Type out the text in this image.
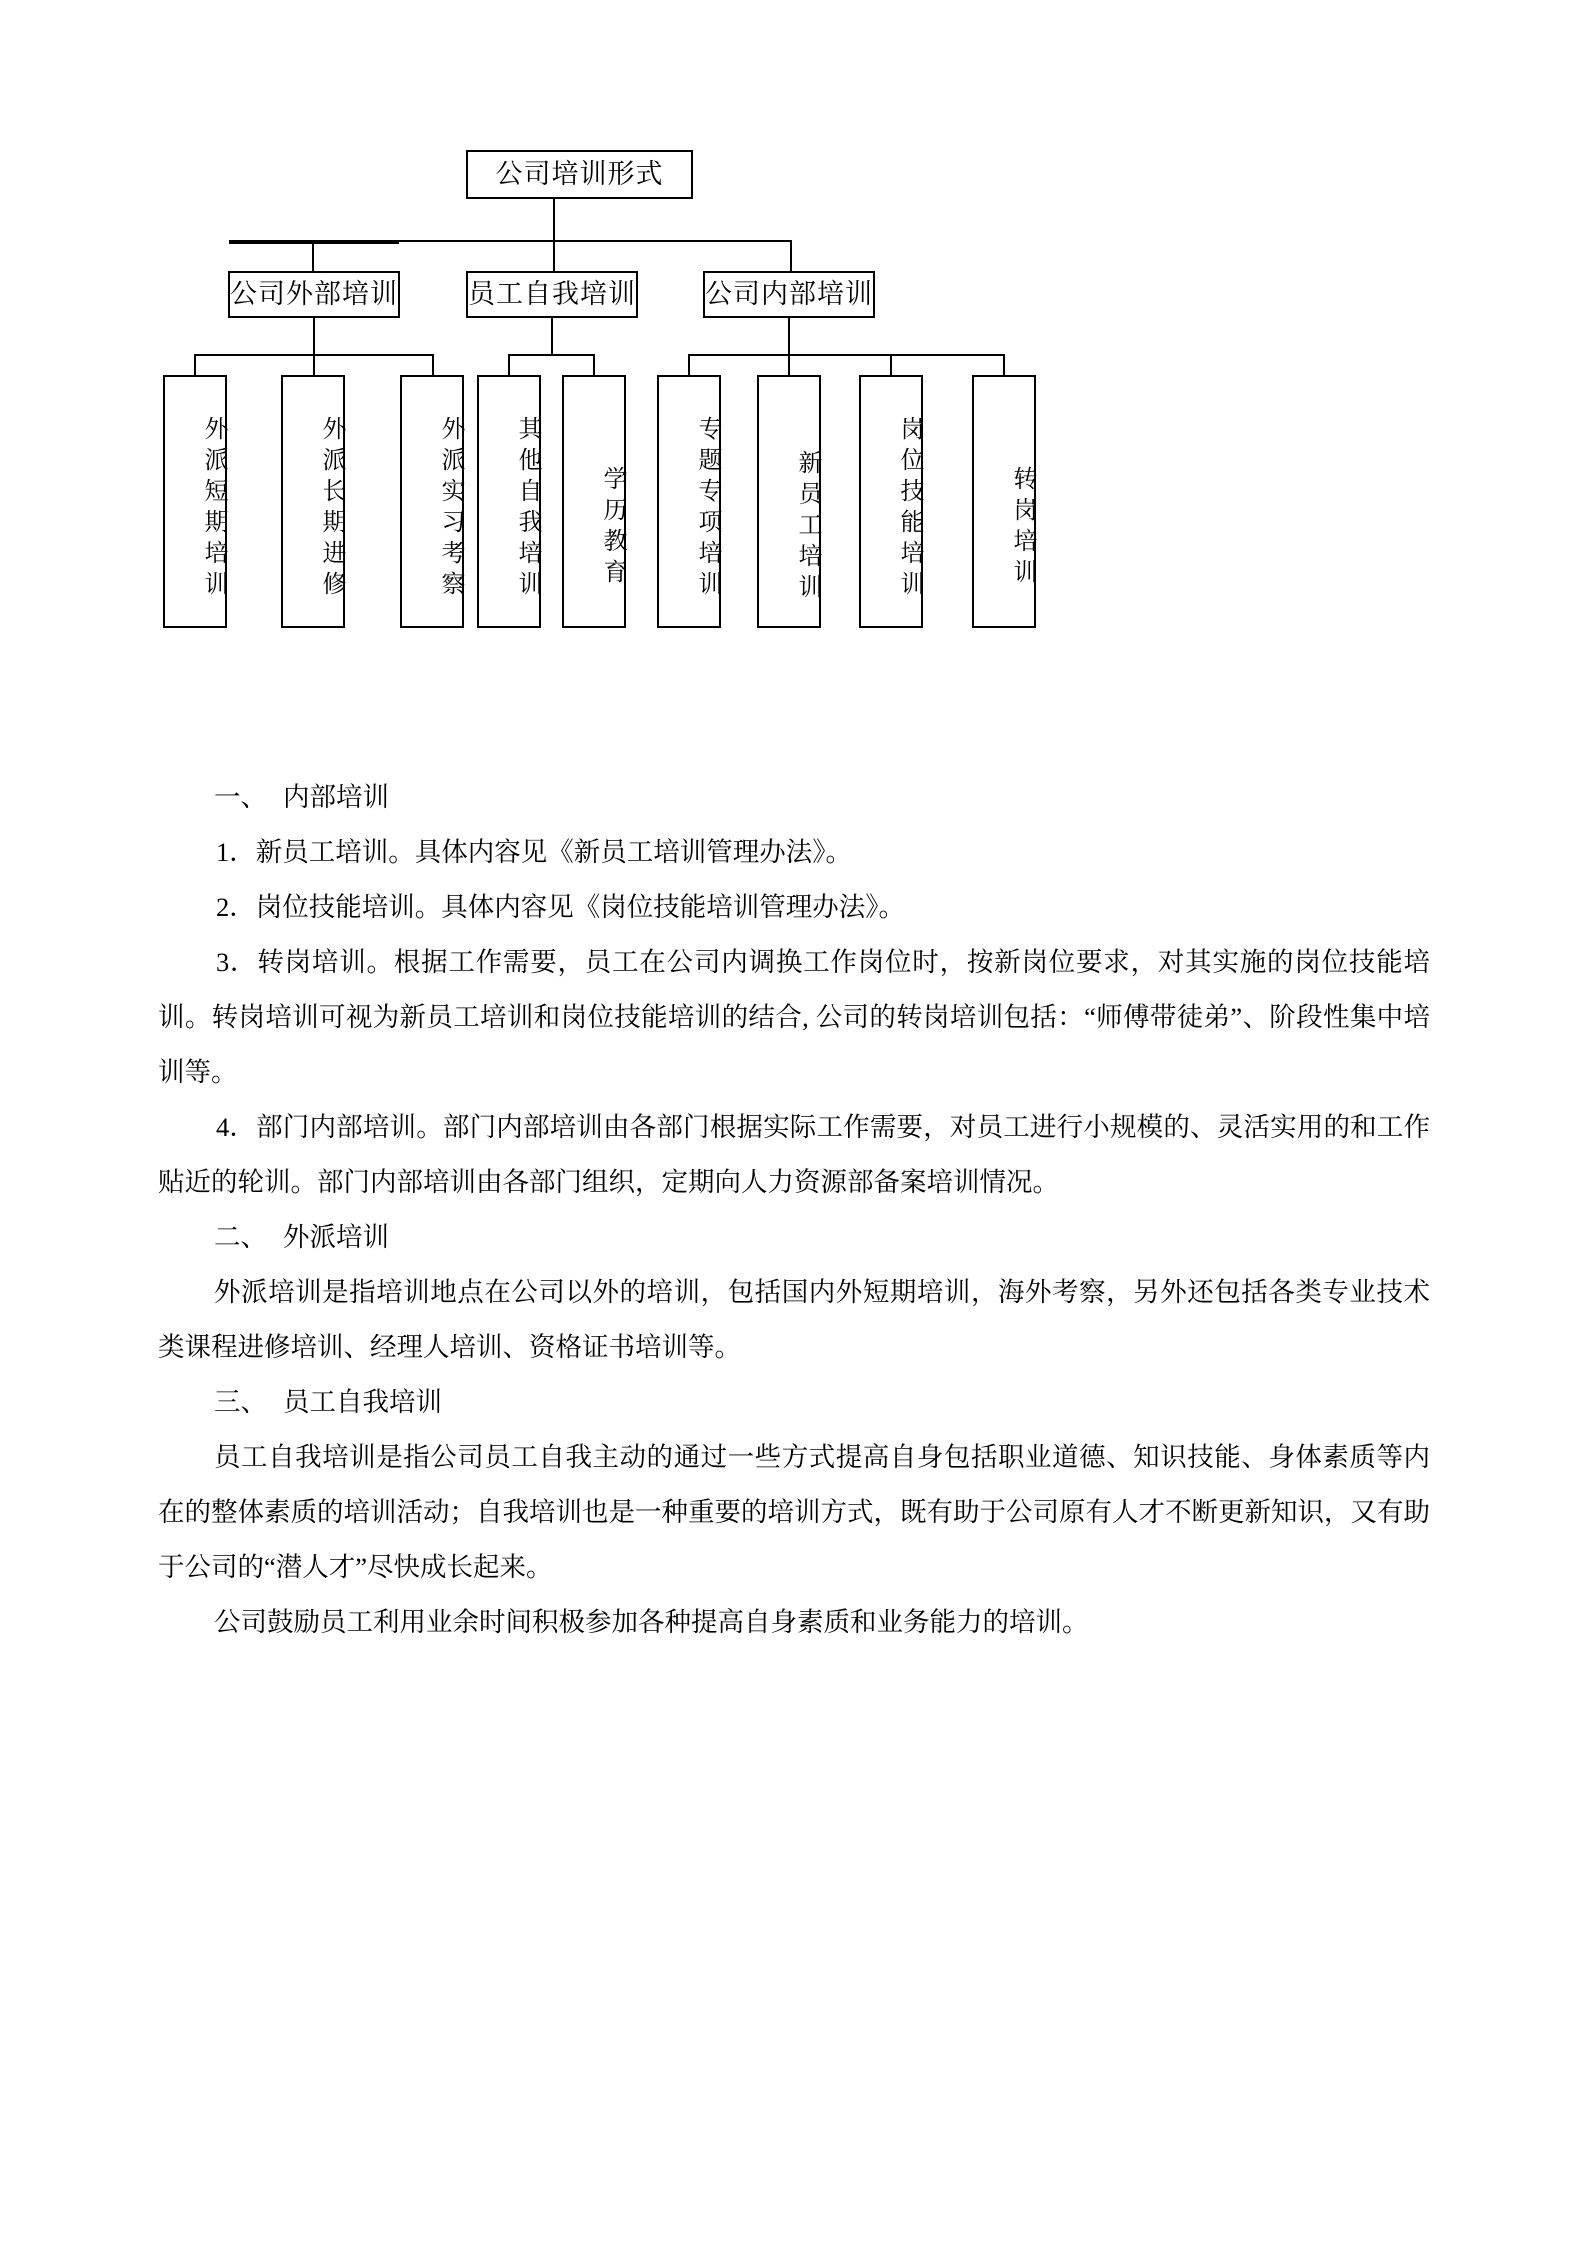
公司培训形式
公司外部培训	员工自我培训	公司内部培训
外派短期培训	外派长期进修	外派实习考察 其他自我培训 学历教育	专题专项培训	新员工培训	岗位技能培训	转岗培训

一、 内部培训

1．新员工培训。具体内容见《新员工培训管理办法》。

2．岗位技能培训。具体内容见《岗位技能培训管理办法》。

3．转岗培训。根据工作需要，员工在公司内调换工作岗位时，按新岗位要求，对其实施的岗位技能培训。转岗培训可视为新员工培训和岗位技能培训的结合, 公司的转岗培训包括：“师傅带徒弟”、阶段性集中培训等。

4．部门内部培训。部门内部培训由各部门根据实际工作需要，对员工进行小规模的、灵活实用的和工作贴近的轮训。部门内部培训由各部门组织，定期向人力资源部备案培训情况。

二、 外派培训

外派培训是指培训地点在公司以外的培训，包括国内外短期培训，海外考察，另外还包括各类专业技术类课程进修培训、经理人培训、资格证书培训等。

三、 员工自我培训

员工自我培训是指公司员工自我主动的通过一些方式提高自身包括职业道德、知识技能、身体素质等内在的整体素质的培训活动；自我培训也是一种重要的培训方式，既有助于公司原有人才不断更新知识，又有助于公司的“潜人才”尽快成长起来。

公司鼓励员工利用业余时间积极参加各种提高自身素质和业务能力的培训。
